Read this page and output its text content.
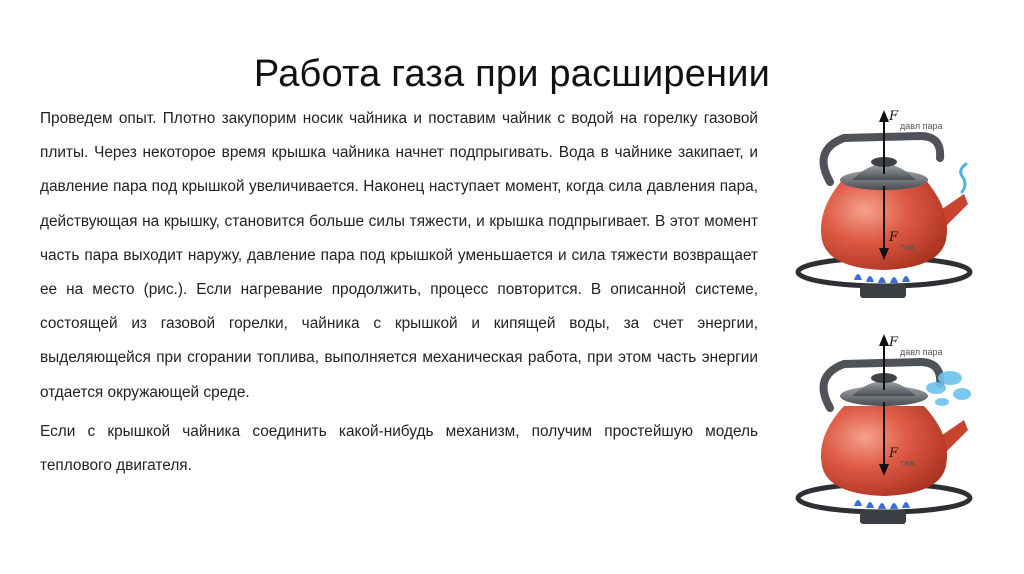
Работа газа при расширении

Проведем опыт. Плотно закупорим носик чайника и поставим чайник с водой на горелку газовой плиты. Через некоторое время крышка чайника начнет подпрыгивать. Вода в чайнике закипает, и давление пара под крышкой увеличивается. Наконец наступает момент, когда сила давления пара, действующая на крышку, становится больше силы тяжести, и крышка подпрыгивает. В этот момент часть пара выходит наружу, давление пара под крышкой уменьшается и сила тяжести возвращает ее на место (рис.). Если нагревание продолжить, процесс повторится. В описанной системе, состоящей из газовой горелки, чайника с крышкой и кипящей воды, за счет энергии, выделяющейся при сгорании топлива, выполняется механическая работа, при этом часть энергии отдается окружающей среде.

Если с крышкой чайника соединить какой-нибудь механизм, получим простейшую модель теплового двигателя.

F
давл пара
F
тяж
F
давл пара
F
тяж
